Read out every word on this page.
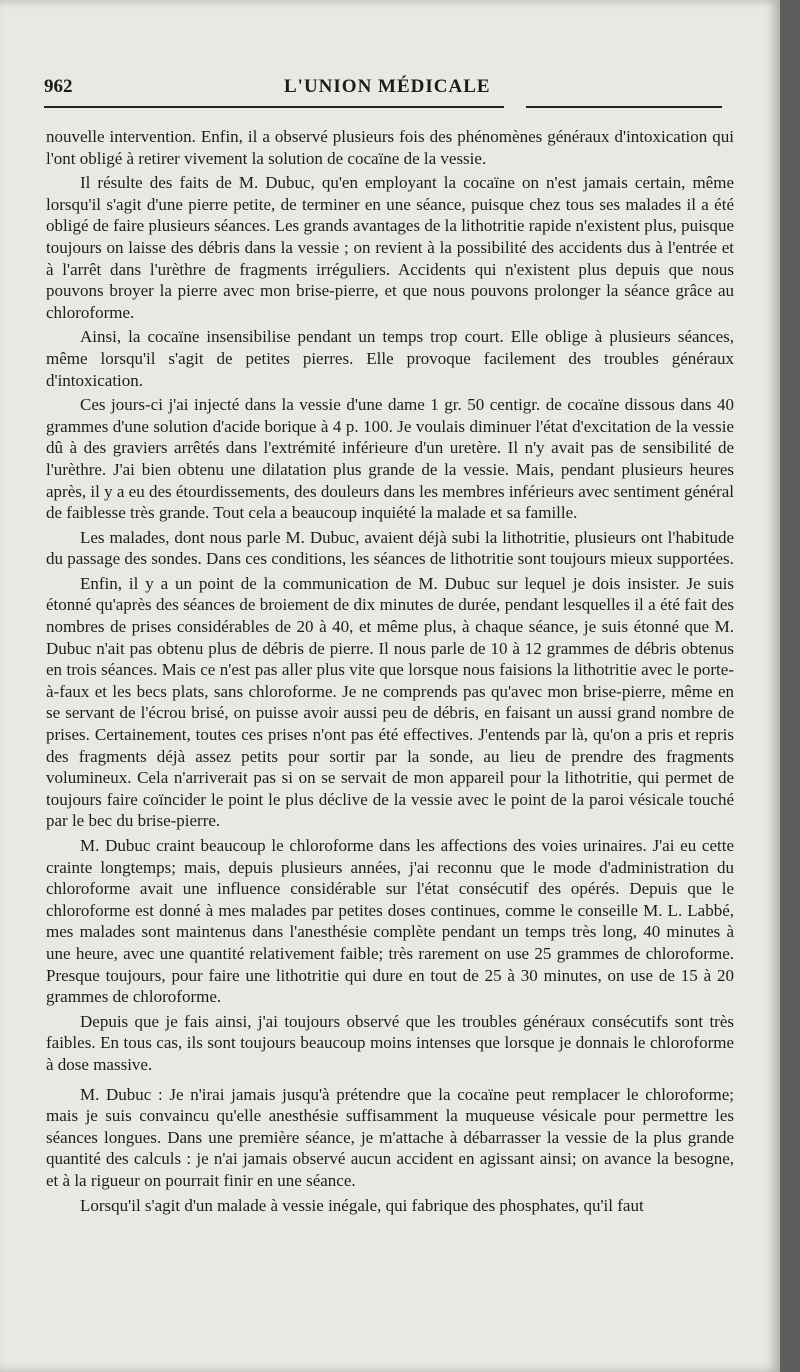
962	L'UNION MÉDICALE

nouvelle intervention. Enfin, il a observé plusieurs fois des phénomènes généraux d'intoxication qui l'ont obligé à retirer vivement la solution de cocaïne de la vessie.

Il résulte des faits de M. Dubuc, qu'en employant la cocaïne on n'est jamais certain, même lorsqu'il s'agit d'une pierre petite, de terminer en une séance, puisque chez tous ses malades il a été obligé de faire plusieurs séances. Les grands avantages de la lithotritie rapide n'existent plus, puisque toujours on laisse des débris dans la vessie ; on revient à la possibilité des accidents dus à l'entrée et à l'arrêt dans l'urèthre de fragments irréguliers. Accidents qui n'existent plus depuis que nous pouvons broyer la pierre avec mon brise-pierre, et que nous pouvons prolonger la séance grâce au chloroforme.

Ainsi, la cocaïne insensibilise pendant un temps trop court. Elle oblige à plusieurs séances, même lorsqu'il s'agit de petites pierres. Elle provoque facilement des troubles généraux d'intoxication.

Ces jours-ci j'ai injecté dans la vessie d'une dame 1 gr. 50 centigr. de cocaïne dissous dans 40 grammes d'une solution d'acide borique à 4 p. 100. Je voulais diminuer l'état d'excitation de la vessie dû à des graviers arrêtés dans l'extrémité inférieure d'un uretère. Il n'y avait pas de sensibilité de l'urèthre. J'ai bien obtenu une dilatation plus grande de la vessie. Mais, pendant plusieurs heures après, il y a eu des étourdissements, des douleurs dans les membres inférieurs avec sentiment général de faiblesse très grande. Tout cela a beaucoup inquiété la malade et sa famille.

Les malades, dont nous parle M. Dubuc, avaient déjà subi la lithotritie, plusieurs ont l'habitude du passage des sondes. Dans ces conditions, les séances de lithotritie sont toujours mieux supportées.

Enfin, il y a un point de la communication de M. Dubuc sur lequel je dois insister. Je suis étonné qu'après des séances de broiement de dix minutes de durée, pendant lesquelles il a été fait des nombres de prises considérables de 20 à 40, et même plus, à chaque séance, je suis étonné que M. Dubuc n'ait pas obtenu plus de débris de pierre. Il nous parle de 10 à 12 grammes de débris obtenus en trois séances. Mais ce n'est pas aller plus vite que lorsque nous faisions la lithotritie avec le porte-à-faux et les becs plats, sans chloroforme. Je ne comprends pas qu'avec mon brise-pierre, même en se servant de l'écrou brisé, on puisse avoir aussi peu de débris, en faisant un aussi grand nombre de prises. Certainement, toutes ces prises n'ont pas été effectives. J'entends par là, qu'on a pris et repris des fragments déjà assez petits pour sortir par la sonde, au lieu de prendre des fragments volumineux. Cela n'arriverait pas si on se servait de mon appareil pour la lithotritie, qui permet de toujours faire coïncider le point le plus déclive de la vessie avec le point de la paroi vésicale touché par le bec du brise-pierre.

M. Dubuc craint beaucoup le chloroforme dans les affections des voies urinaires. J'ai eu cette crainte longtemps; mais, depuis plusieurs années, j'ai reconnu que le mode d'administration du chloroforme avait une influence considérable sur l'état consécutif des opérés. Depuis que le chloroforme est donné à mes malades par petites doses continues, comme le conseille M. L. Labbé, mes malades sont maintenus dans l'anesthésie complète pendant un temps très long, 40 minutes à une heure, avec une quantité relativement faible; très rarement on use 25 grammes de chloroforme. Presque toujours, pour faire une lithotritie qui dure en tout de 25 à 30 minutes, on use de 15 à 20 grammes de chloroforme.

Depuis que je fais ainsi, j'ai toujours observé que les troubles généraux consécutifs sont très faibles. En tous cas, ils sont toujours beaucoup moins intenses que lorsque je donnais le chloroforme à dose massive.

M. Dubuc : Je n'irai jamais jusqu'à prétendre que la cocaïne peut remplacer le chloroforme; mais je suis convaincu qu'elle anesthésie suffisamment la muqueuse vésicale pour permettre les séances longues. Dans une première séance, je m'attache à débarrasser la vessie de la plus grande quantité des calculs : je n'ai jamais observé aucun accident en agissant ainsi; on avance la besogne, et à la rigueur on pourrait finir en une séance.

Lorsqu'il s'agit d'un malade à vessie inégale, qui fabrique des phosphates, qu'il faut
